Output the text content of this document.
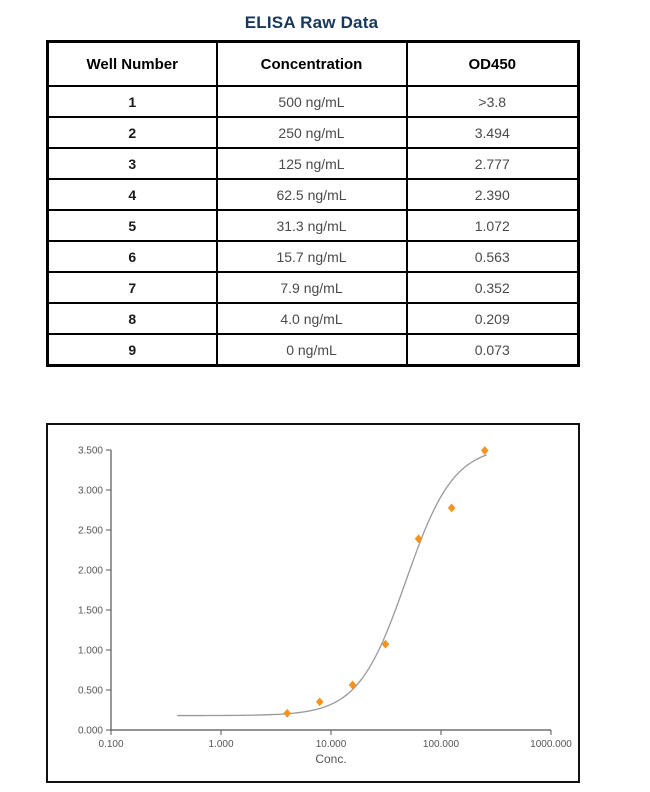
ELISA Raw Data
Well Number	Concentration	OD450
1	500 ng/mL	>3.8
2	250 ng/mL	3.494
3	125 ng/mL	2.777
4	62.5 ng/mL	2.390
5	31.3 ng/mL	1.072
6	15.7 ng/mL	0.563
7	7.9 ng/mL	0.352
8	4.0 ng/mL	0.209
9	0 ng/mL	0.073
0.000
0.500
1.000
1.500
2.000
2.500
3.000
3.500
0.100	1.000	10.000	100.000	1000.000
Conc.
